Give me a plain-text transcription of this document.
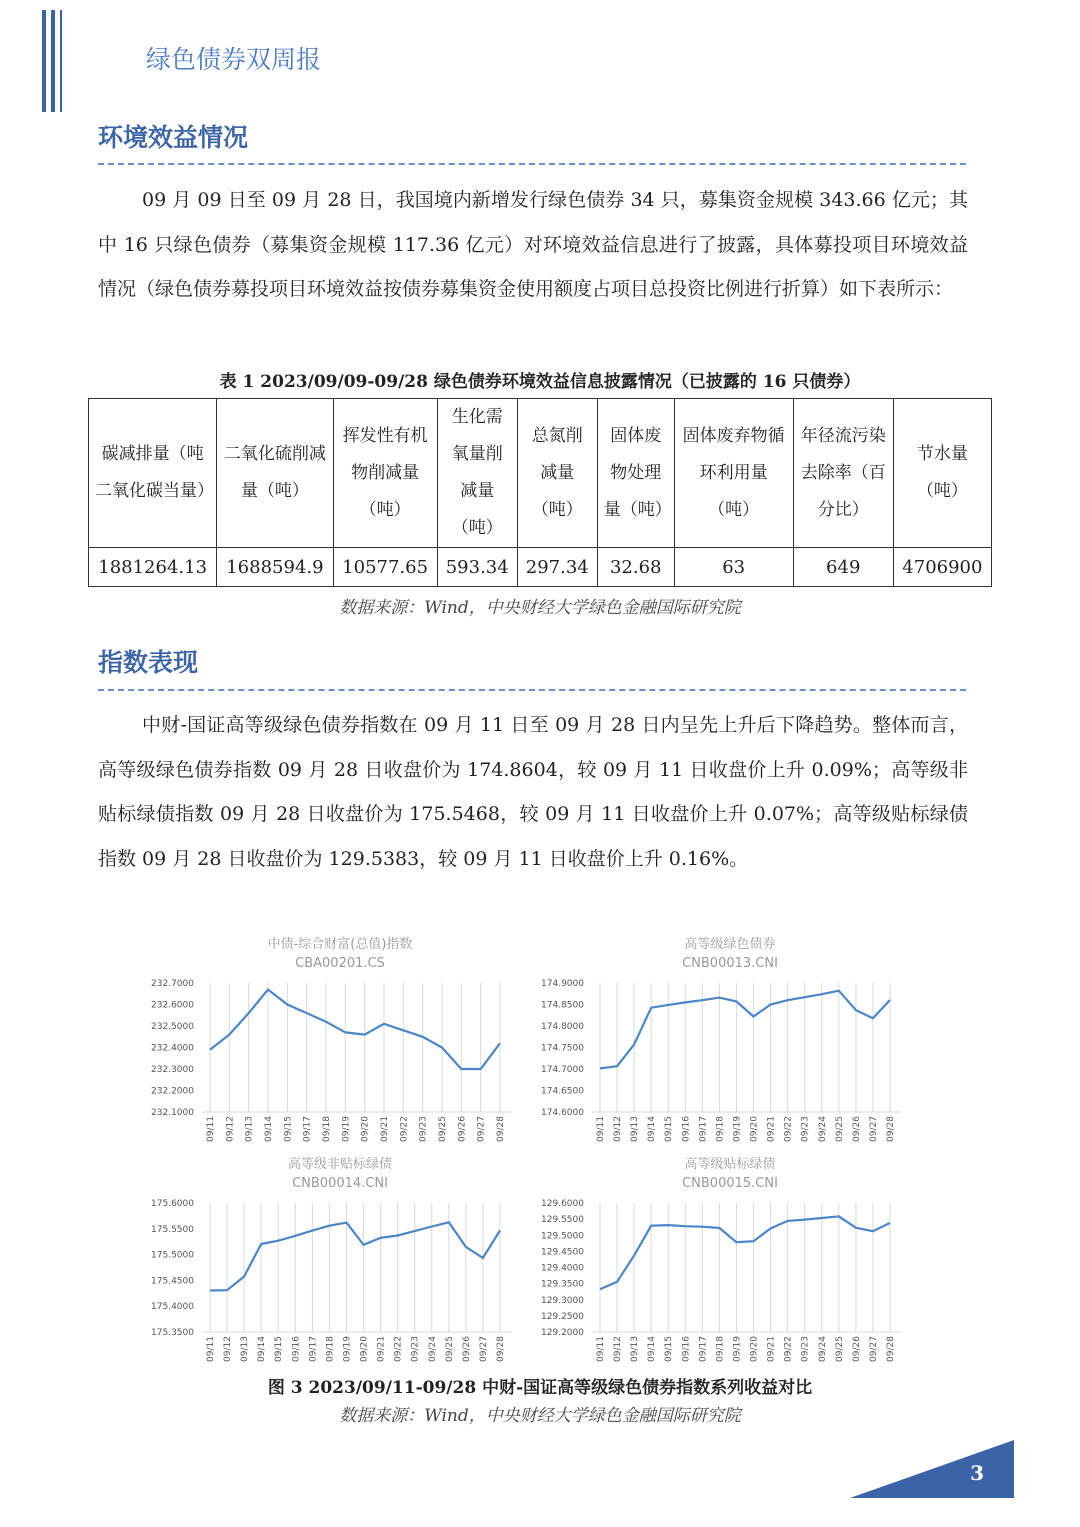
绿色债券双周报
环境效益情况
09 月 09 日至 09 月 28 日，我国境内新增发行绿色债券 34 只，募集资金规模 343.66 亿元；其中 16 只绿色债券（募集资金规模 117.36 亿元）对环境效益信息进行了披露，具体募投项目环境效益情况（绿色债券募投项目环境效益按债券募集资金使用额度占项目总投资比例进行折算）如下表所示：
表 1 2023/09/09-09/28 绿色债券环境效益信息披露情况（已披露的 16 只债券）
碳减排量（吨二氧化碳当量）	二氧化硫削减量（吨）	挥发性有机物削减量（吨）	生化需氧量削减量（吨）	总氮削减量（吨）	固体废物处理量（吨）	固体废弃物循环利用量（吨）	年径流污染去除率（百分比）	节水量（吨）
1881264.13	1688594.9	10577.65	593.34	297.34	32.68	63	649	4706900
数据来源：Wind，中央财经大学绿色金融国际研究院
指数表现
中财-国证高等级绿色债券指数在 09 月 11 日至 09 月 28 日内呈先上升后下降趋势。整体而言，高等级绿色债券指数 09 月 28 日收盘价为 174.8604，较 09 月 11 日收盘价上升 0.09%；高等级非贴标绿债指数 09 月 28 日收盘价为 175.5468，较 09 月 11 日收盘价上升 0.07%；高等级贴标绿债指数 09 月 28 日收盘价为 129.5383，较 09 月 11 日收盘价上升 0.16%。
中债-综合财富(总值)指数
CBA00201.CS
232.7000
232.6000
232.5000
232.4000
232.3000
232.2000
232.1000
09/11 09/12 09/13 09/14 09/15 09/17 09/18 09/19 09/20 09/21 09/22 09/23 09/25 09/26 09/27 09/28
高等级绿色债券
CNB00013.CNI
174.9000
174.8500
174.8000
174.7500
174.7000
174.6500
174.6000
09/11 09/12 09/13 09/14 09/15 09/16 09/17 09/18 09/19 09/20 09/21 09/22 09/23 09/24 09/25 09/26 09/27 09/28
高等级非贴标绿债
CNB00014.CNI
175.6000
175.5500
175.5000
175.4500
175.4000
175.3500
09/11 09/12 09/13 09/14 09/15 09/16 09/17 09/18 09/19 09/20 09/21 09/22 09/23 09/24 09/25 09/26 09/27 09/28
高等级贴标绿债
CNB00015.CNI
129.6000
129.5500
129.5000
129.4500
129.4000
129.3500
129.3000
129.2500
129.2000
09/11 09/12 09/13 09/14 09/15 09/16 09/17 09/18 09/19 09/20 09/21 09/22 09/23 09/24 09/25 09/26 09/27 09/28
图 3 2023/09/11-09/28 中财-国证高等级绿色债券指数系列收益对比
数据来源：Wind，中央财经大学绿色金融国际研究院
3
